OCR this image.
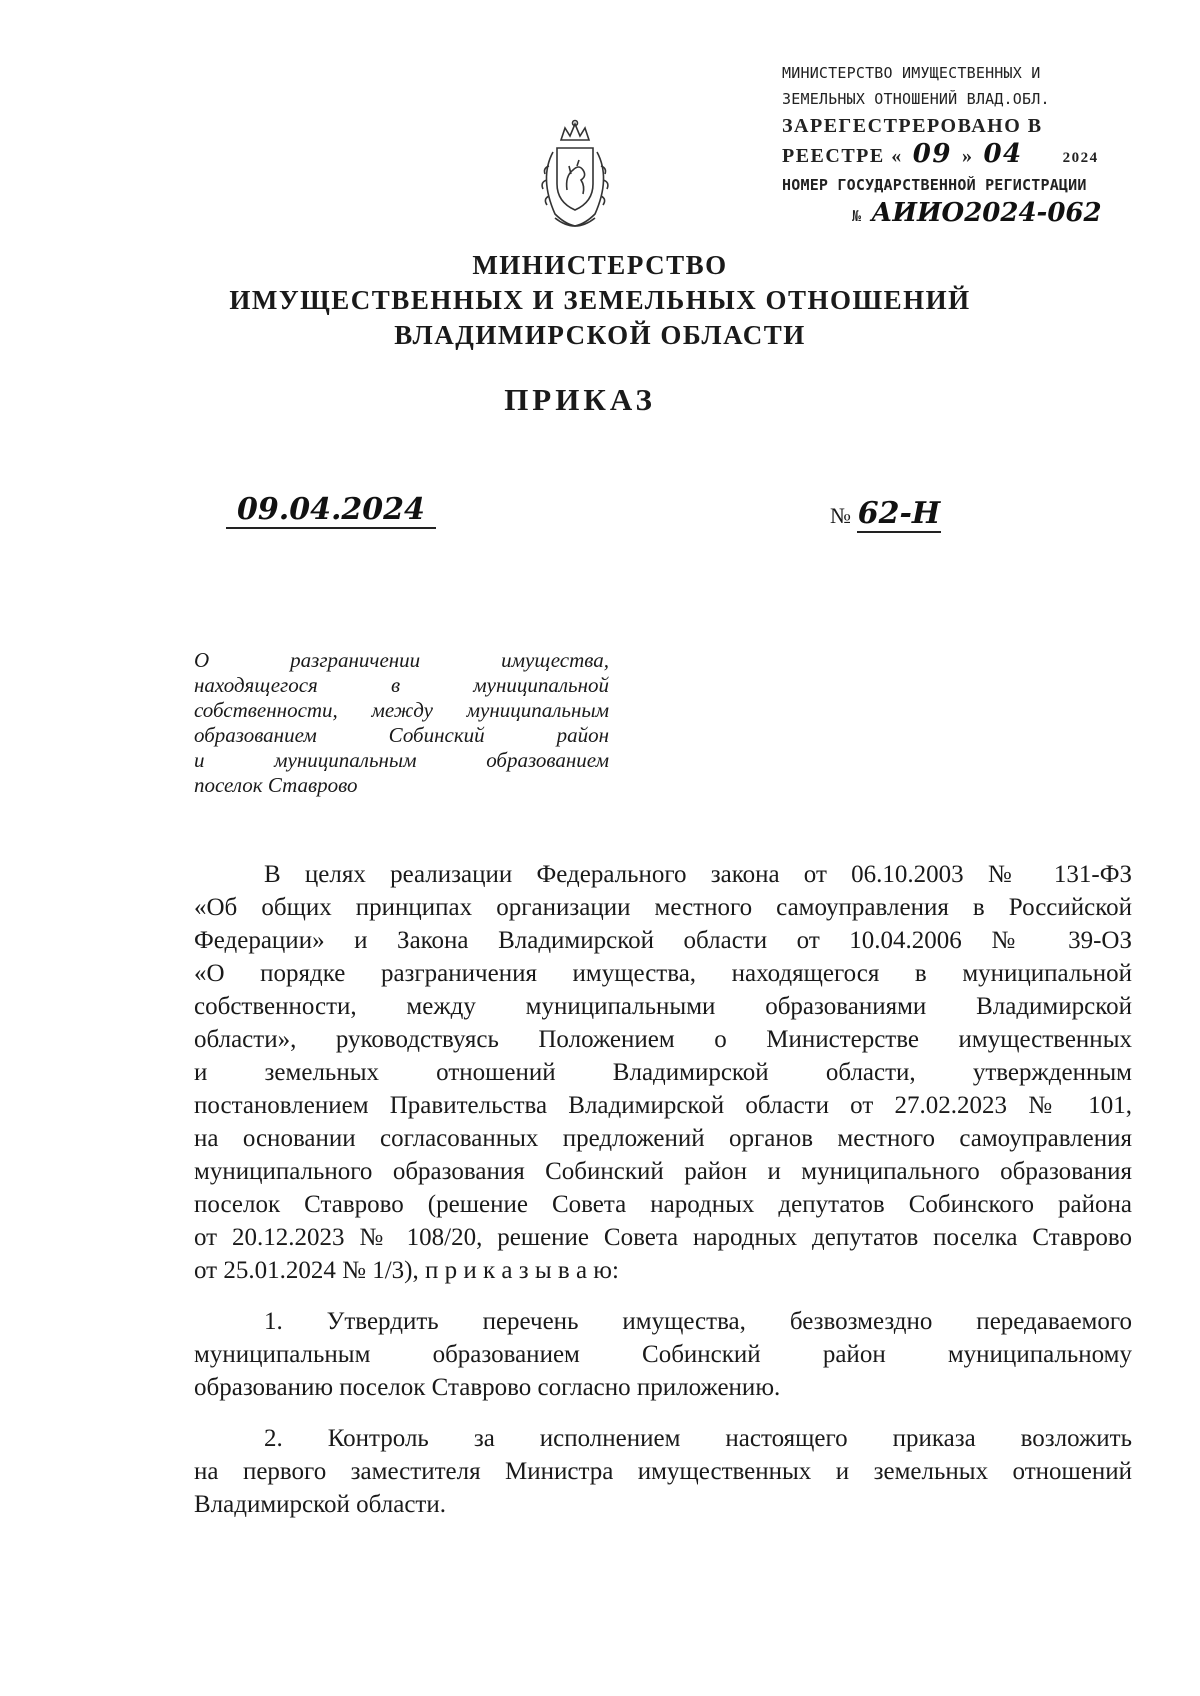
МИНИСТЕРСТВО ИМУЩЕСТВЕННЫХ И
ЗЕМЕЛЬНЫХ ОТНОШЕНИЙ ВЛАД.ОБЛ.
ЗАРЕГЕСТРЕРОВАНО В
РЕЕСТРЕ « 09 » 04	2024
НОМЕР ГОСУДАРСТВЕННОЙ РЕГИСТРАЦИИ
№ АИИО2024-062
МИНИСТЕРСТВО
ИМУЩЕСТВЕННЫХ И ЗЕМЕЛЬНЫХ ОТНОШЕНИЙ
ВЛАДИМИРСКОЙ ОБЛАСТИ
ПРИКАЗ
09.04.2024	№ 62-Н
О разграничении имущества,
находящегося в муниципальной
собственности, между муниципальным
образованием Собинский район
и муниципальным образованием
поселок Ставрово

В целях реализации Федерального закона от 06.10.2003 № 131-ФЗ
«Об общих принципах организации местного самоуправления в Российской
Федерации» и Закона Владимирской области от 10.04.2006 № 39-ОЗ
«О порядке разграничения имущества, находящегося в муниципальной
собственности, между муниципальными образованиями Владимирской
области», руководствуясь Положением о Министерстве имущественных
и земельных отношений Владимирской области, утвержденным
постановлением Правительства Владимирской области от 27.02.2023 № 101,
на основании согласованных предложений органов местного самоуправления
муниципального образования Собинский район и муниципального образования
поселок Ставрово (решение Совета народных депутатов Собинского района
от 20.12.2023 № 108/20, решение Совета народных депутатов поселка Ставрово
от 25.01.2024 № 1/3), п р и к а з ы в а ю:

1. Утвердить перечень имущества, безвозмездно передаваемого
муниципальным образованием Собинский район муниципальному
образованию поселок Ставрово согласно приложению.

2. Контроль за исполнением настоящего приказа возложить
на первого заместителя Министра имущественных и земельных отношений
Владимирской области.
